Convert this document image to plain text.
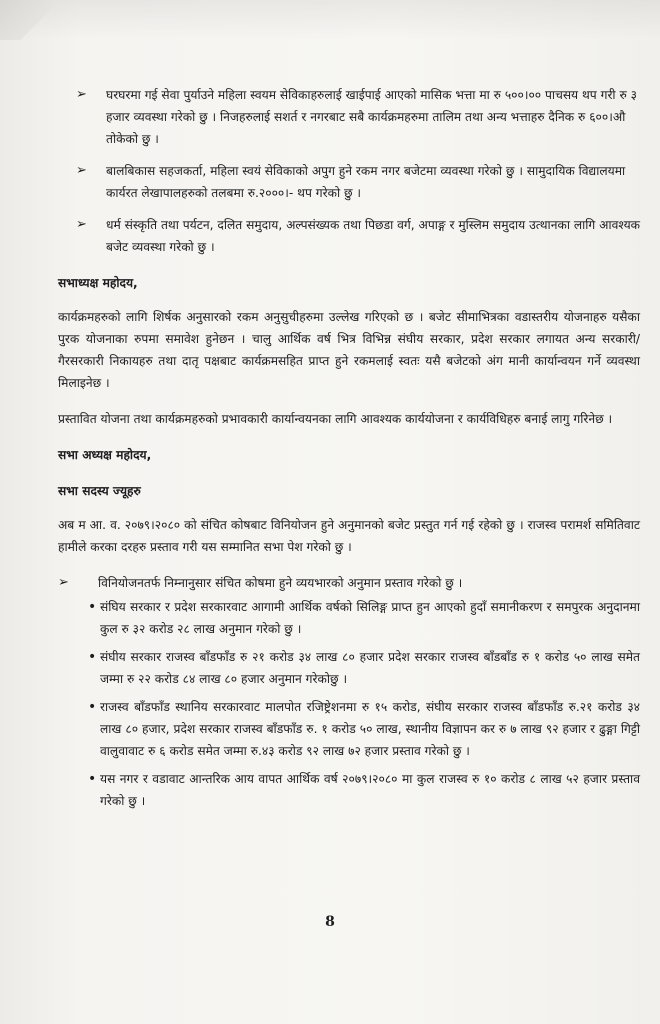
➢ घरघरमा गई सेवा पुर्याउने महिला स्वयम सेविकाहरुलाई खाईपाई आएको मासिक भत्ता मा रु ५००।०० पाचसय थप गरी रु ३ हजार व्यवस्था गरेको छु । निजहरुलाई सशर्त र नगरबाट सबै कार्यक्रमहरुमा तालिम तथा अन्य भत्ताहरु दैनिक रु ६००।औ तोकेको छु ।
➢ बालबिकास सहजकर्ता, महिला स्वयं सेविकाको अपुग हुने रकम नगर बजेटमा व्यवस्था गरेको छु । सामुदायिक विद्यालयमा कार्यरत लेखापालहरुको तलबमा रु.२०००।- थप गरेको छु ।
➢ धर्म संस्कृति तथा पर्यटन, दलित समुदाय, अल्पसंख्यक तथा पिछडा वर्ग, अपाङ्ग र मुस्लिम समुदाय उत्थानका लागि आवश्यक बजेट व्यवस्था गरेको छु ।
सभाध्यक्ष महोदय,
कार्यक्रमहरुको लागि शिर्षक अनुसारको रकम अनुसुचीहरुमा उल्लेख गरिएको छ । बजेट सीमाभित्रका वडास्तरीय योजनाहरु यसैका पुरक योजनाका रुपमा समावेश हुनेछन । चालु आर्थिक वर्ष भित्र विभिन्न संघीय सरकार, प्रदेश सरकार लगायत अन्य सरकारी/ गैरसरकारी निकायहरु तथा दातृ पक्षबाट कार्यक्रमसहित प्राप्त हुने रकमलाई स्वतः यसै बजेटको अंग मानी कार्यान्वयन गर्ने व्यवस्था मिलाइनेछ ।
प्रस्तावित योजना तथा कार्यक्रमहरुको प्रभावकारी कार्यान्वयनका लागि आवश्यक कार्ययोजना र कार्यविधिहरु बनाई लागु गरिनेछ ।
सभा अध्यक्ष महोदय,
सभा सदस्य ज्यूहरु
अब म आ. व. २०७९।२०८० को संचित कोषबाट विनियोजन हुने अनुमानको बजेट प्रस्तुत गर्न गई रहेको छु । राजस्व परामर्श समितिवाट हामीले करका दरहरु प्रस्ताव गरी यस सम्मानित सभा पेश गरेको छु ।
➢ विनियोजनतर्फ निम्नानुसार संचित कोषमा हुने व्ययभारको अनुमान प्रस्ताव गरेको छु ।
• संघिय सरकार र प्रदेश सरकारवाट आगामी आर्थिक वर्षको सिलिङ्ग प्राप्त हुन आएको हुदाँ समानीकरण र समपुरक अनुदानमा कुल रु ३२ करोड २८ लाख अनुमान गरेको छु ।
• संघीय सरकार राजस्व बाँडफाँड रु २१ करोड ३४ लाख ८० हजार प्रदेश सरकार राजस्व बाँडबाँड रु १ करोड ५० लाख समेत जम्मा रु २२ करोड ८४ लाख ८० हजार अनुमान गरेकोछु ।
• राजस्व बाँडफाँड स्थानिय सरकारवाट मालपोत रजिष्ट्रेशनमा रु १५ करोड, संघीय सरकार राजस्व बाँडफाँड रु.२१ करोड ३४ लाख ८० हजार, प्रदेश सरकार राजस्व बाँडफाँड रु. १ करोड ५० लाख, स्थानीय विज्ञापन कर रु ७ लाख ९२ हजार र ढुङ्गा गिट्टी वालुवावाट रु ६ करोड समेत जम्मा रु.४३ करोड ९२ लाख ७२ हजार प्रस्ताव गरेको छु ।
• यस नगर र वडावाट आन्तरिक आय वापत आर्थिक वर्ष २०७९।२०८० मा कुल राजस्व रु १० करोड ८ लाख ५२ हजार प्रस्ताव गरेको छु ।
8
